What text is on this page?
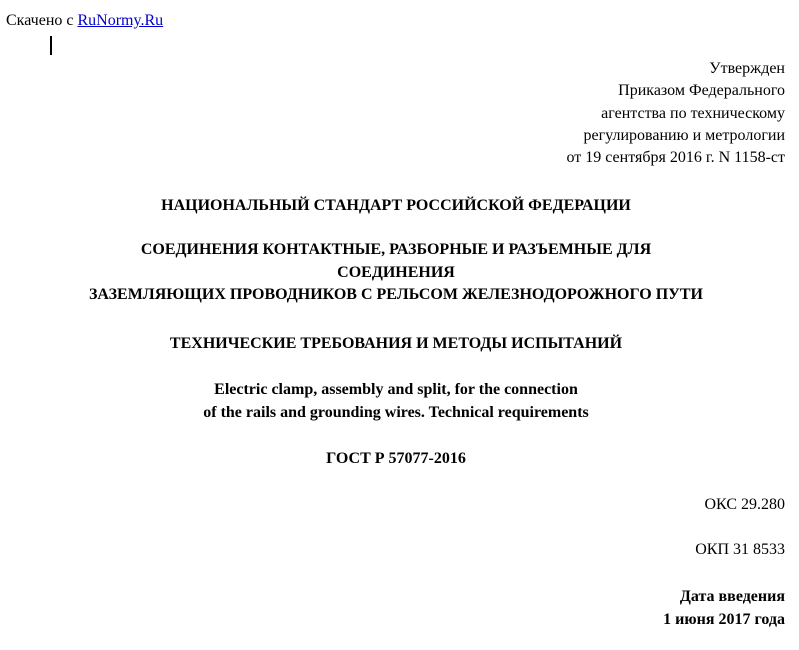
Скачено с RuNormy.Ru
Утвержден
Приказом Федерального
агентства по техническому
регулированию и метрологии
от 19 сентября 2016 г. N 1158-ст
НАЦИОНАЛЬНЫЙ СТАНДАРТ РОССИЙСКОЙ ФЕДЕРАЦИИ
СОЕДИНЕНИЯ КОНТАКТНЫЕ, РАЗБОРНЫЕ И РАЗЪЕМНЫЕ ДЛЯ
СОЕДИНЕНИЯ
ЗАЗЕМЛЯЮЩИХ ПРОВОДНИКОВ С РЕЛЬСОМ ЖЕЛЕЗНОДОРОЖНОГО ПУТИ
ТЕХНИЧЕСКИЕ ТРЕБОВАНИЯ И МЕТОДЫ ИСПЫТАНИЙ
Electric clamp, assembly and split, for the connection
of the rails and grounding wires. Technical requirements
ГОСТ Р 57077-2016
ОКС 29.280
ОКП 31 8533
Дата введения
1 июня 2017 года
